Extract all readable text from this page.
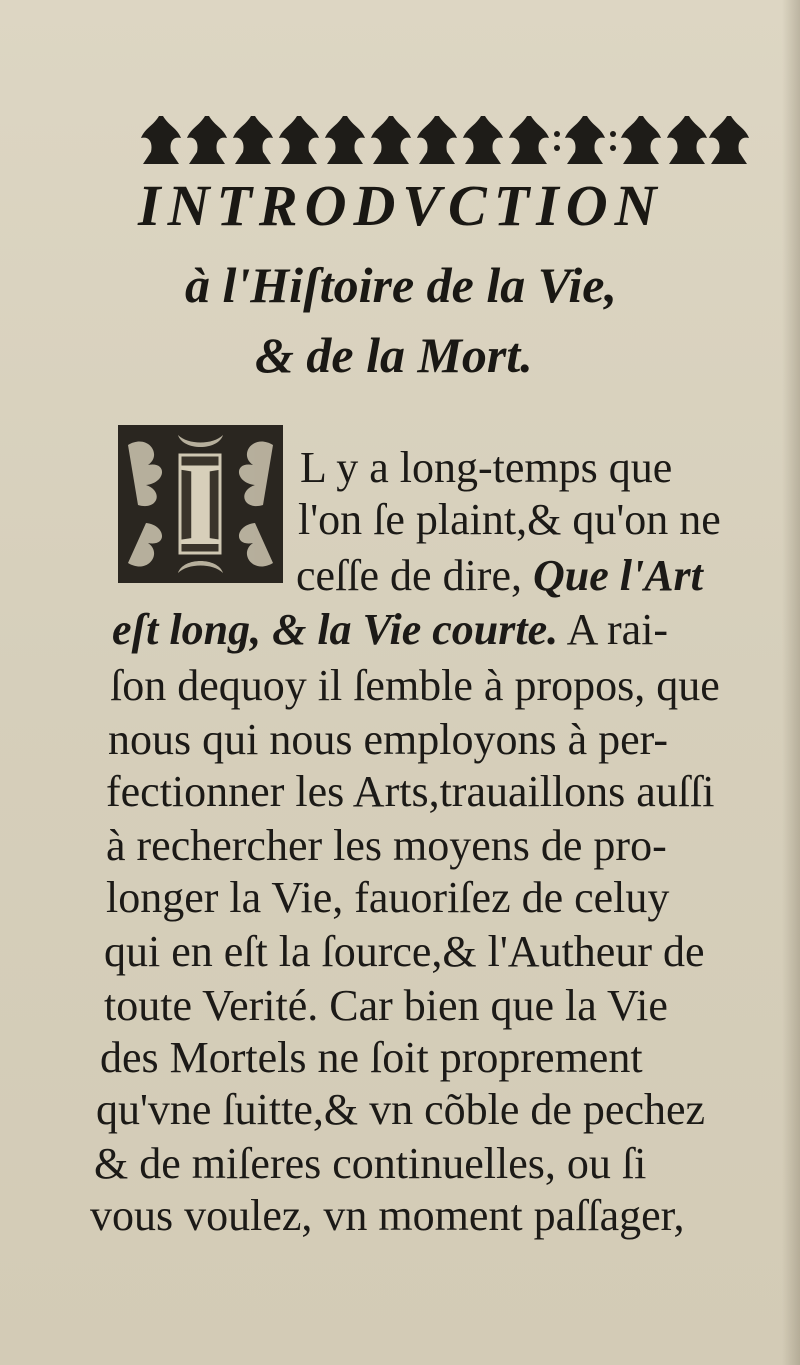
INTRODVCTION
à l'Hiſtoire de la Vie,
& de la Mort.
I	L y a long-temps que

l'on ſe plaint,& qu'on ne

ceſſe de dire, Que l'Art

eſt long, & la Vie courte. A rai-

ſon dequoy il ſemble à propos, que

nous qui nous employons à per-

fectionner les Arts,trauaillons auſſi

à rechercher les moyens de pro-

longer la Vie, fauoriſez de celuy

qui en eſt la ſource,& l'Autheur de

toute Verité. Car bien que la Vie

des Mortels ne ſoit proprement

qu'vne ſuitte,& vn cõble de pechez

& de miſeres continuelles, ou ſi

vous voulez, vn moment paſſager,
